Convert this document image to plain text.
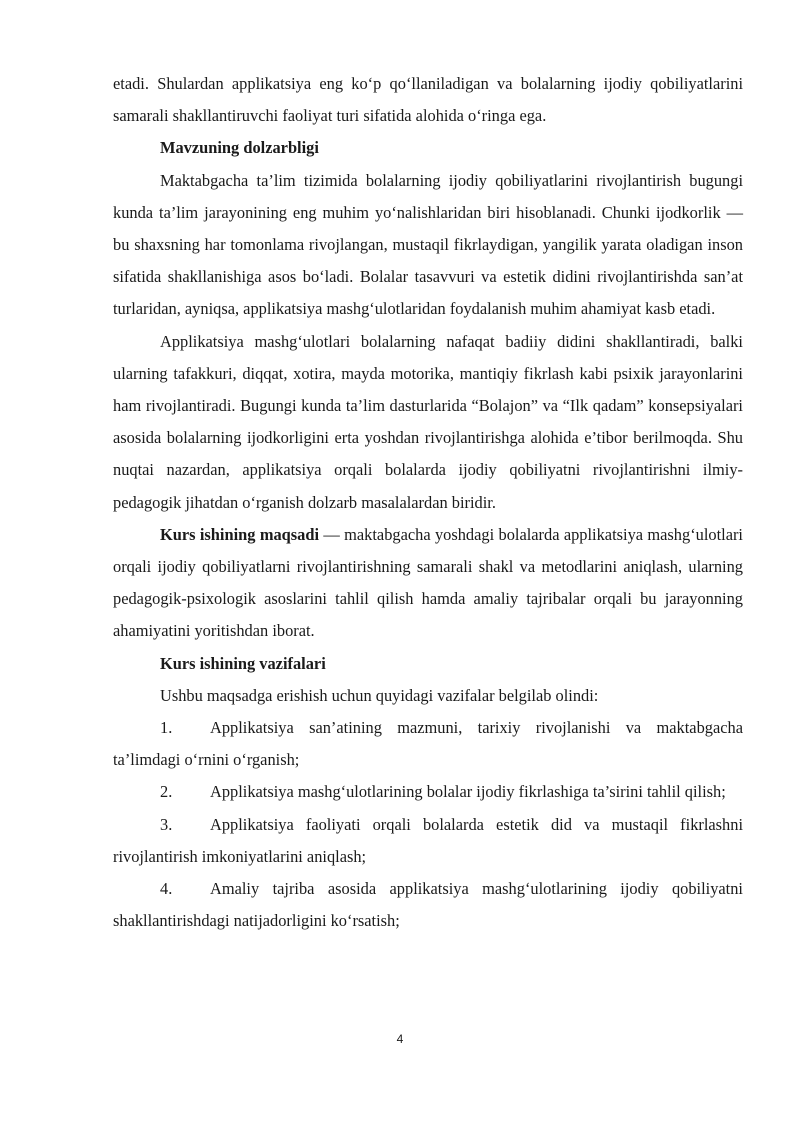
etadi. Shulardan applikatsiya eng ko‘p qo‘llaniladigan va bolalarning ijodiy qobiliyatlarini samarali shakllantiruvchi faoliyat turi sifatida alohida o‘ringa ega.

Mavzuning dolzarbligi

Maktabgacha ta’lim tizimida bolalarning ijodiy qobiliyatlarini rivojlantirish bugungi kunda ta’lim jarayonining eng muhim yo‘nalishlaridan biri hisoblanadi. Chunki ijodkorlik — bu shaxsning har tomonlama rivojlangan, mustaqil fikrlaydigan, yangilik yarata oladigan inson sifatida shakllanishiga asos bo‘ladi. Bolalar tasavvuri va estetik didini rivojlantirishda san’at turlaridan, ayniqsa, applikatsiya mashg‘ulotlaridan foydalanish muhim ahamiyat kasb etadi.

Applikatsiya mashg‘ulotlari bolalarning nafaqat badiiy didini shakllantiradi, balki ularning tafakkuri, diqqat, xotira, mayda motorika, mantiqiy fikrlash kabi psixik jarayonlarini ham rivojlantiradi. Bugungi kunda ta’lim dasturlarida “Bolajon” va “Ilk qadam” konsepsiyalari asosida bolalarning ijodkorligini erta yoshdan rivojlantirishga alohida e’tibor berilmoqda. Shu nuqtai nazardan, applikatsiya orqali bolalarda ijodiy qobiliyatni rivojlantirishni ilmiy-pedagogik jihatdan o‘rganish dolzarb masalalardan biridir.

Kurs ishining maqsadi — maktabgacha yoshdagi bolalarda applikatsiya mashg‘ulotlari orqali ijodiy qobiliyatlarni rivojlantirishning samarali shakl va metodlarini aniqlash, ularning pedagogik-psixologik asoslarini tahlil qilish hamda amaliy tajribalar orqali bu jarayonning ahamiyatini yoritishdan iborat.

Kurs ishining vazifalari

Ushbu maqsadga erishish uchun quyidagi vazifalar belgilab olindi:

1. Applikatsiya san’atining mazmuni, tarixiy rivojlanishi va maktabgacha ta’limdagi o‘rnini o‘rganish;

2. Applikatsiya mashg‘ulotlarining bolalar ijodiy fikrlashiga ta’sirini tahlil qilish;

3. Applikatsiya faoliyati orqali bolalarda estetik did va mustaqil fikrlashni rivojlantirish imkoniyatlarini aniqlash;

4. Amaliy tajriba asosida applikatsiya mashg‘ulotlarining ijodiy qobiliyatni shakllantirishdagi natijadorligini ko‘rsatish;

4
